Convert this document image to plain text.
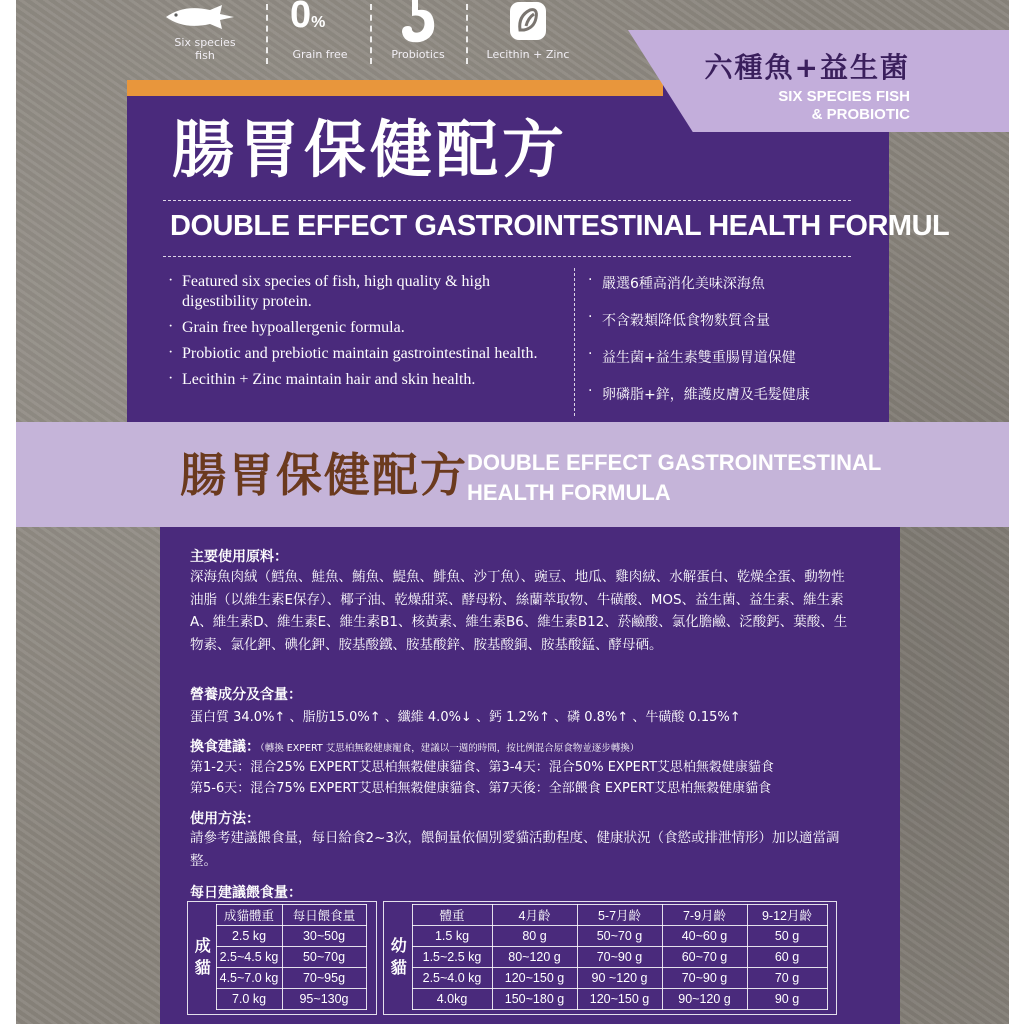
Six species fish
0%
Grain free	Probiotics	Lecithin + Zinc	六種魚+益生菌
SIX SPECIES FISH
& PROBIOTIC
腸胃保健配方
DOUBLE EFFECT GASTROINTESTINAL HEALTH FORMUL
· Featured six species of fish, high quality & high digestibility protein.
· Grain free hypoallergenic formula.
· Probiotic and prebiotic maintain gastrointestinal health.
· Lecithin + Zinc maintain hair and skin health.
· 嚴選6種高消化美味深海魚
· 不含穀類降低食物麩質含量
· 益生菌+益生素雙重腸胃道保健
· 卵磷脂+鋅，維護皮膚及毛髮健康
腸胃保健配方 DOUBLE EFFECT GASTROINTESTINAL
HEALTH FORMULA
主要使用原料：
深海魚肉絨（鱈魚、鮭魚、鮪魚、鯷魚、鯡魚、沙丁魚）、豌豆、地瓜、雞肉絨、水解蛋白、乾燥全蛋、動物性油脂（以維生素E保存）、椰子油、乾燥甜菜、酵母粉、絲蘭萃取物、牛磺酸、MOS、益生菌、益生素、維生素A、維生素D、維生素E、維生素B1、核黃素、維生素B6、維生素B12、菸鹼酸、氯化膽鹼、泛酸鈣、葉酸、生物素、氯化鉀、碘化鉀、胺基酸鐵、胺基酸鋅、胺基酸銅、胺基酸錳、酵母硒。
營養成分及含量：
蛋白質 34.0%↑ 、脂肪15.0%↑ 、纖維 4.0%↓ 、鈣 1.2%↑ 、磷 0.8%↑ 、牛磺酸 0.15%↑
換食建議：（轉換 EXPERT 艾思柏無穀健康寵食，建議以一週的時間，按比例混合原食物並逐步轉換）
第1-2天：混合25% EXPERT艾思柏無穀健康貓食、第3-4天：混合50% EXPERT艾思柏無穀健康貓食
第5-6天：混合75% EXPERT艾思柏無穀健康貓食、第7天後：全部餵食 EXPERT艾思柏無穀健康貓食
使用方法：
請參考建議餵食量，每日給食2~3次，餵飼量依個別愛貓活動程度、健康狀況（食慾或排泄情形）加以適當調整。
每日建議餵食量：
成貓	成貓體重	每日餵食量
	2.5 kg	30~50g
	2.5~4.5 kg	50~70g
	4.5~7.0 kg	70~95g
	7.0 kg	95~130g
幼貓	體重	4月齡	5-7月齡	7-9月齡	9-12月齡
	1.5 kg	80 g	50~70 g	40~60 g	50 g
	1.5~2.5 kg	80~120 g	70~90 g	60~70 g	60 g
	2.5~4.0 kg	120~150 g	90 ~120 g	70~90 g	70 g
	4.0kg	150~180 g	120~150 g	90~120 g	90 g
